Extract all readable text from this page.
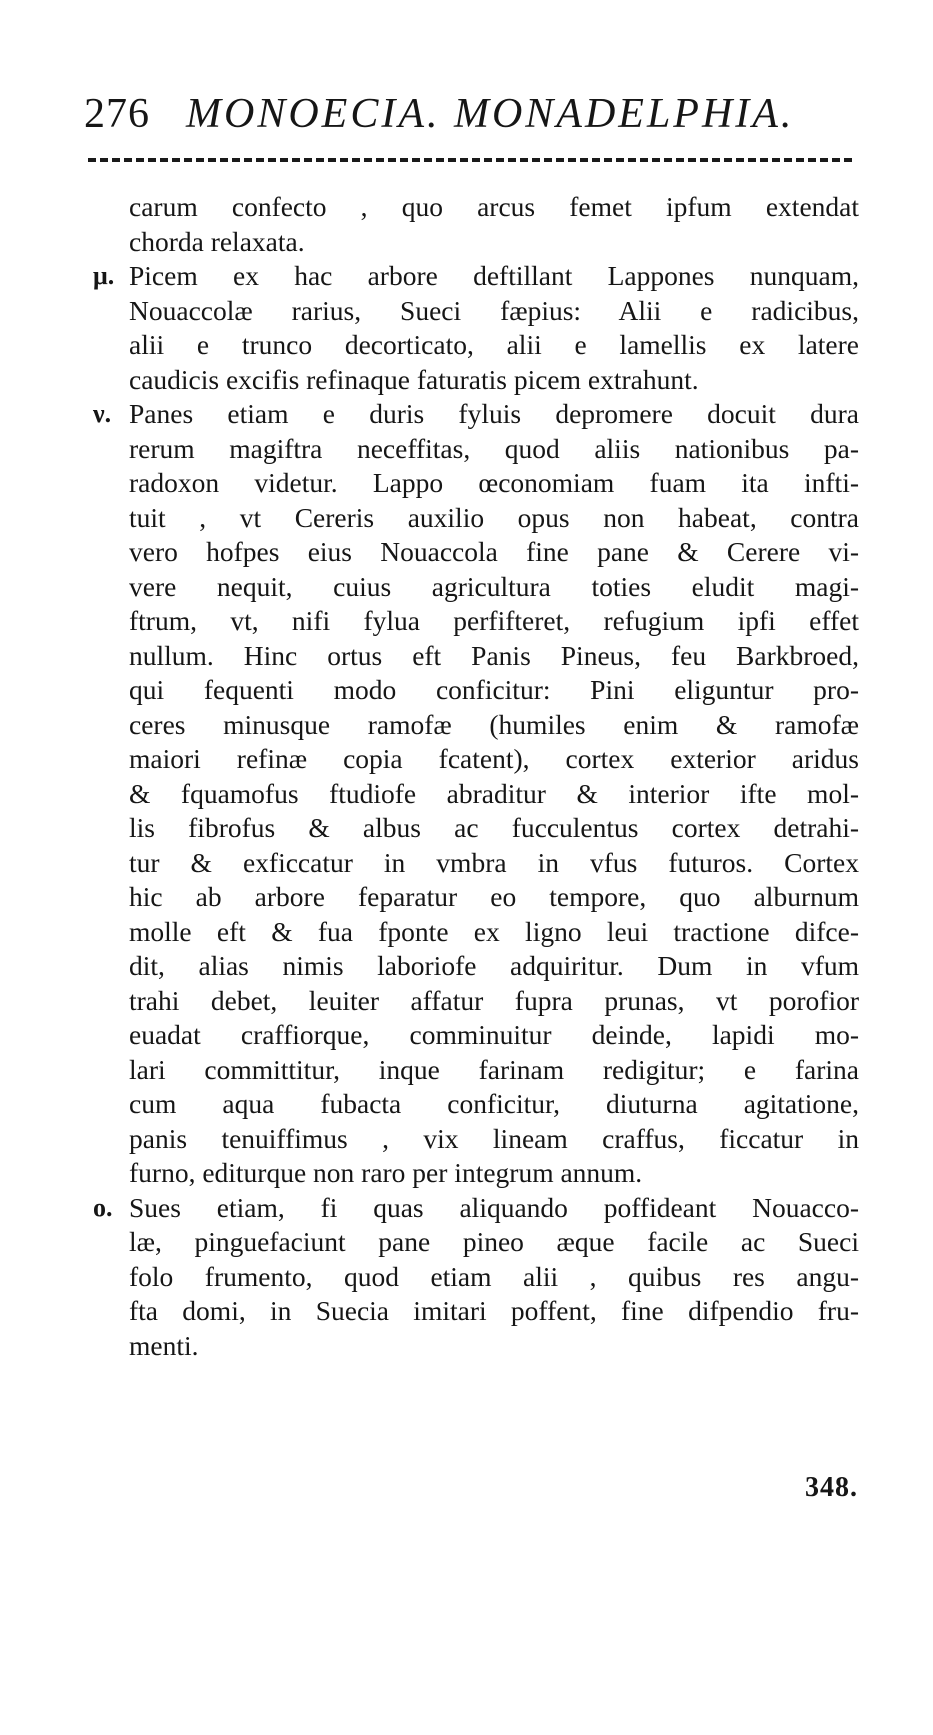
276 MONOECIA. MONADELPHIA.
carum confecto , quo arcus femet ipfum extendat
chorda relaxata.
μ. Picem ex hac arbore deftillant Lappones nunquam,
Nouaccolæ rarius, Sueci fæpius: Alii e radicibus,
alii e trunco decorticato, alii e lamellis ex latere
caudicis excifis refinaque faturatis picem extrahunt.
ν. Panes etiam e duris fyluis depromere docuit dura
rerum magiftra neceffitas, quod aliis nationibus pa-
radoxon videtur. Lappo œconomiam fuam ita infti-
tuit , vt Cereris auxilio opus non habeat, contra
vero hofpes eius Nouaccola fine pane & Cerere vi-
vere nequit, cuius agricultura toties eludit magi-
ftrum, vt, nifi fylua perfifteret, refugium ipfi effet
nullum. Hinc ortus eft Panis Pineus, feu Barkbroed,
qui fequenti modo conficitur: Pini eliguntur pro-
ceres minusque ramofæ (humiles enim & ramofæ
maiori refinæ copia fcatent), cortex exterior aridus
& fquamofus ftudiofe abraditur & interior ifte mol-
lis fibrofus & albus ac fucculentus cortex detrahi-
tur & exficcatur in vmbra in vfus futuros. Cortex
hic ab arbore feparatur eo tempore, quo alburnum
molle eft & fua fponte ex ligno leui tractione difce-
dit, alias nimis laboriofe adquiritur. Dum in vfum
trahi debet, leuiter affatur fupra prunas, vt porofior
euadat craffiorque, comminuitur deinde, lapidi mo-
lari committitur, inque farinam redigitur; e farina
cum aqua fubacta conficitur, diuturna agitatione,
panis tenuiffimus , vix lineam craffus, ficcatur in
furno, editurque non raro per integrum annum.
ο. Sues etiam, fi quas aliquando poffideant Nouacco-
læ, pinguefaciunt pane pineo æque facile ac Sueci
folo frumento, quod etiam alii , quibus res angu-
fta domi, in Suecia imitari poffent, fine difpendio fru-
menti.
348.
